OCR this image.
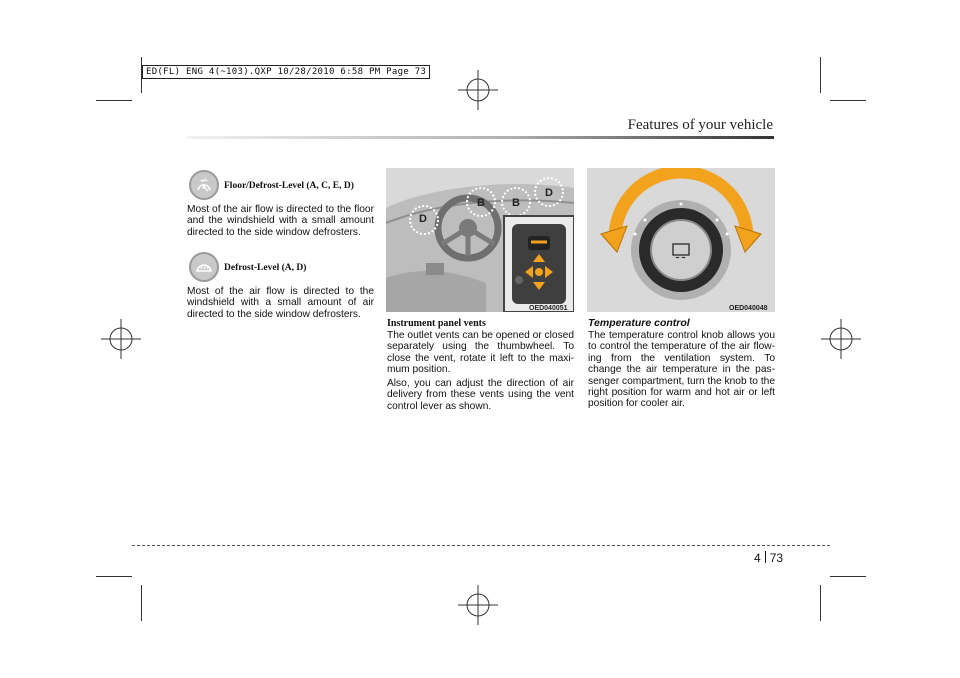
ED(FL) ENG 4(~103).QXP 10/28/2010 6:58 PM Page 73
Features of your vehicle
Floor/Defrost-Level (A, C, E, D)
Most of the air flow is directed to the floor and the windshield with a small amount directed to the side window defrosters.
Defrost-Level (A, D)
Most of the air flow is directed to the windshield with a small amount of air directed to the side window defrosters.
D
B B
D
OED040051
Instrument panel vents
The outlet vents can be opened or closed separately using the thumbwheel. To close the vent, rotate it left to the maxi-mum position.
Also, you can adjust the direction of air delivery from these vents using the vent control lever as shown.
OED040048
Temperature control
The temperature control knob allows you to control the temperature of the air flow-ing from the ventilation system. To change the air temperature in the pas-senger compartment, turn the knob to the right position for warm and hot air or left position for cooler air.
4 73
